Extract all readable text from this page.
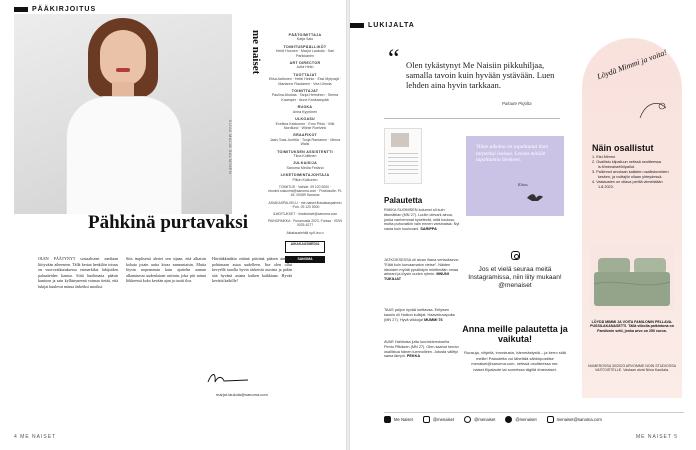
PÄÄKIRJOITUS
KUVA MAIJA SALMINEN
me naiset	PÄÄTOIMITTAJA
Katja Salo
TOIMITUSPÄÄLLIKÖT
Heidi Huonen · Marjut Laukola · Sari Parikkanen
ART DIRECTOR
Jutta Helin
TUOTTAJAT
Elisa Aaltonen · Heidi Heinio · Essi Mytyrajä · Marianne Rautanen · Vea Ulmola
TOIMITTAJAT
Paulina Ahokas · Tanja Helminen · Senna Kaamper · Aune Kankaanpää
RUOKA
Anna Kyyrönen
ULKOASU
Eveliina Kekkonen · Emo Pikla · Viiki Nordlund · Wiinie Roelvink
GRAAFIKOT
Jaan-Toas Junttila · Tonja Rantanen · Minna Walsi
TOIMITUKSEN ASSISTENTTI
Tiina Kuittinen
JULKAISIJA
Sanoma Media Finland
LIIKETOIMINTAJOHTAJA
Piiton Kolkonen
TOIMITUS · Vaihde: 09 120 5000 · etunimi.sukunimi@sanoma.com · Postiosoite: PL 45, 00089 Sanoma
ASIAKASPALVELU · me-naiset.fi/asiakaspalvelu · Puh. 09 120 5000
ILMOITUKSET · ilmoitukset@sanoma.com
PAINOPAIKKA · Punamusta 2023, Forssa · ISSN 0025-6277
Aikakauslehtiä sy.fi-ieu.n
AIKAKAUSMEDIA
SANOMA
Pähkinä purtavaksi

OLEN PÄÄTYNYT sosiaaliseen mediaan liittyvään aiheeseen. Tällä kertaa henkilön totuus on vuorovaikutuksessa esimerkiksi lukijoiden palautteiden kanssa. Siitä huolimatta pääsin kuntoon ja sain kyllästyneenä voimaa tietää, että lukijat kuulevat minua tärkeiksi asioiksi.

Siin impliseisä alertet sen sijaan, että alkaisin kokata jotain uutta kivaa sunnuntaisin. Mutta löysin nopeammin kuin ajattelin aamun alkamisesta uudenlaisen rutiinin, joka piti minut liikkeessä koko kevään ajan ja tuotti iloa.

Hävitäkkinäkin eräänä päivänä pääsen ainakin pohtimaan asiaa uudelleen. Itse olen ollut kevyellä tauolla hyvin tärkeistä asioista ja pidän sitä hyvänä asiana kaiken kaikkiaan. Hyvää kevättä kaikille!

marjut.laukola@sanoma.com
4 ME NAISET
LUKIJALTA
“ Olen tykästynyt Me Naisiin pikkuhiljaa, samalla tavoin kuin hyvään ystävään. Luen lehden aina hyvin tarkkaan.
Paloute Pirjolta
Palautetta

RIIKKA SUOMISEN kolumni oli kuin täsmätilan (MN 27). Luulin olevani ainoa, jonka vanhemmat kyselevät, mitä koulusu, mutta puhuvatkin vain ennen varsinaisia. Nyt vasta koin kuuluvani. SARIPPA

JATKOKSESSA oli aivan ihana vertaukseva: ”Elää kuin korvaamaton vietse”. Näiden ideoiden myötä pysähdyin miettimään omaa arkeani ja löysin uuden rytmin. MNUNI TUKILIAT

TAAS paljon hyvää luettavaa. Erityisen kaunis oli Haikon kulkijat. Haavekuvapuita (MN 27). Hyvä viikkoja! MUMMI 76

AVAR Hahtioisa jutta luovinkierroksella Pentu Pitkäsen (MN 27). Olen saanut kerran osallistua hänen luennolleen. Jutusta välittyi sama lämpö. PEKKA

Viime aikoina on tapahtunut ihan tarpeeksi isoissa. Levata mitään tapahtumia lienkeen.
Kiitos.
Jos et vielä seuraa meitä Instagramissa, niin liity mukaan! @menaiset
Anna meille palautetta ja vaikuta!
Ruusuja, vihjeitä, innostusta, hämmästystä – ja kerro siitä meille! Palautetta voi lähettää sähköpostitse menaiset@sanoma.com, netissä osoitteessa me-naiset.fi/palaute tai someissa tägillä #menaiset.
Löydä Mimmi ja voita!
Näin osallistut
1. Etsi Mimmi.
2. Osallistu kilpailuun netissä osoitteessa is.fi/menaiset/kilpailut.
3. Palkinnot arvotaan kaikkien osallistuneiden kesken, ja voittajiin ollaan yhteydessä.
4. Vastausten on oltava perillä viimeistään 1.8.2023.
LÖYDÄ MIMMI JA VOITA FAMILONIN PELLAVA-PUSSILAKANASETTI. Tällä viikolla palkintona on Familonin setti, jonka arvo on 250 euroa.
NUMEROSSA 30/2023 ARVOMME NOIN STUDIOSSA VASTOISTELLE. Vastaan aivat Niina Kauttala.
Me Naiset	@menaiset	@menaiset	@menaiset	menaiset@sanoma.com
ME NAISET 5
